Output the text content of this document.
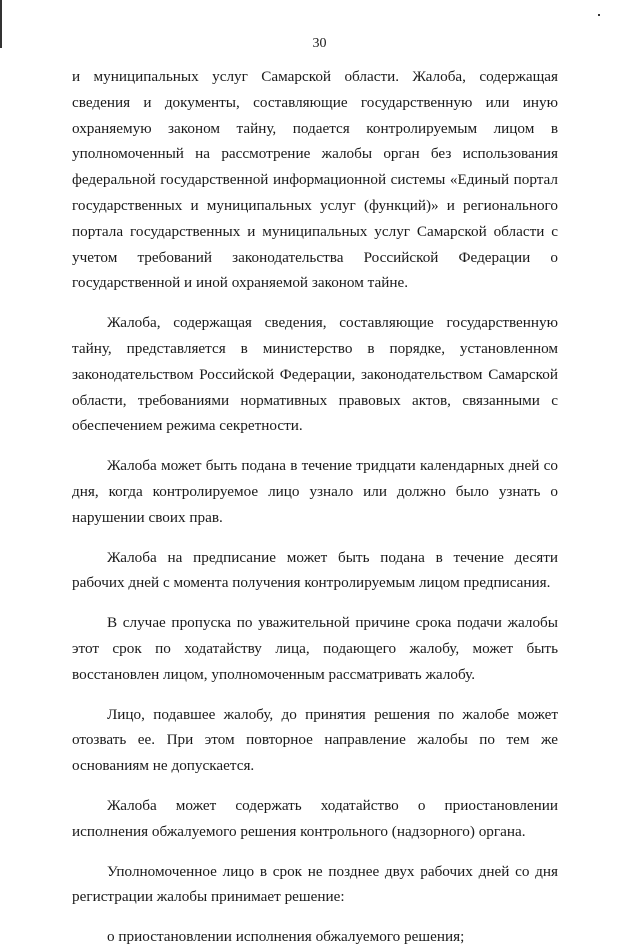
30

и муниципальных услуг Самарской области. Жалоба, содержащая сведения и документы, составляющие государственную или иную охраняемую законом тайну, подается контролируемым лицом в уполномоченный на рассмотрение жалобы орган без использования федеральной государственной информационной системы «Единый портал государственных и муниципальных услуг (функций)» и регионального портала государственных и муниципальных услуг Самарской области с учетом требований законодательства Российской Федерации о государственной и иной охраняемой законом тайне.

Жалоба, содержащая сведения, составляющие государственную тайну, представляется в министерство в порядке, установленном законодательством Российской Федерации, законодательством Самарской области, требованиями нормативных правовых актов, связанными с обеспечением режима секретности.

Жалоба может быть подана в течение тридцати календарных дней со дня, когда контролируемое лицо узнало или должно было узнать о нарушении своих прав.

Жалоба на предписание может быть подана в течение десяти рабочих дней с момента получения контролируемым лицом предписания.

В случае пропуска по уважительной причине срока подачи жалобы этот срок по ходатайству лица, подающего жалобу, может быть восстановлен лицом, уполномоченным рассматривать жалобу.

Лицо, подавшее жалобу, до принятия решения по жалобе может отозвать ее. При этом повторное направление жалобы по тем же основаниям не допускается.

Жалоба может содержать ходатайство о приостановлении исполнения обжалуемого решения контрольного (надзорного) органа.

Уполномоченное лицо в срок не позднее двух рабочих дней со дня регистрации жалобы принимает решение:

о приостановлении исполнения обжалуемого решения;
